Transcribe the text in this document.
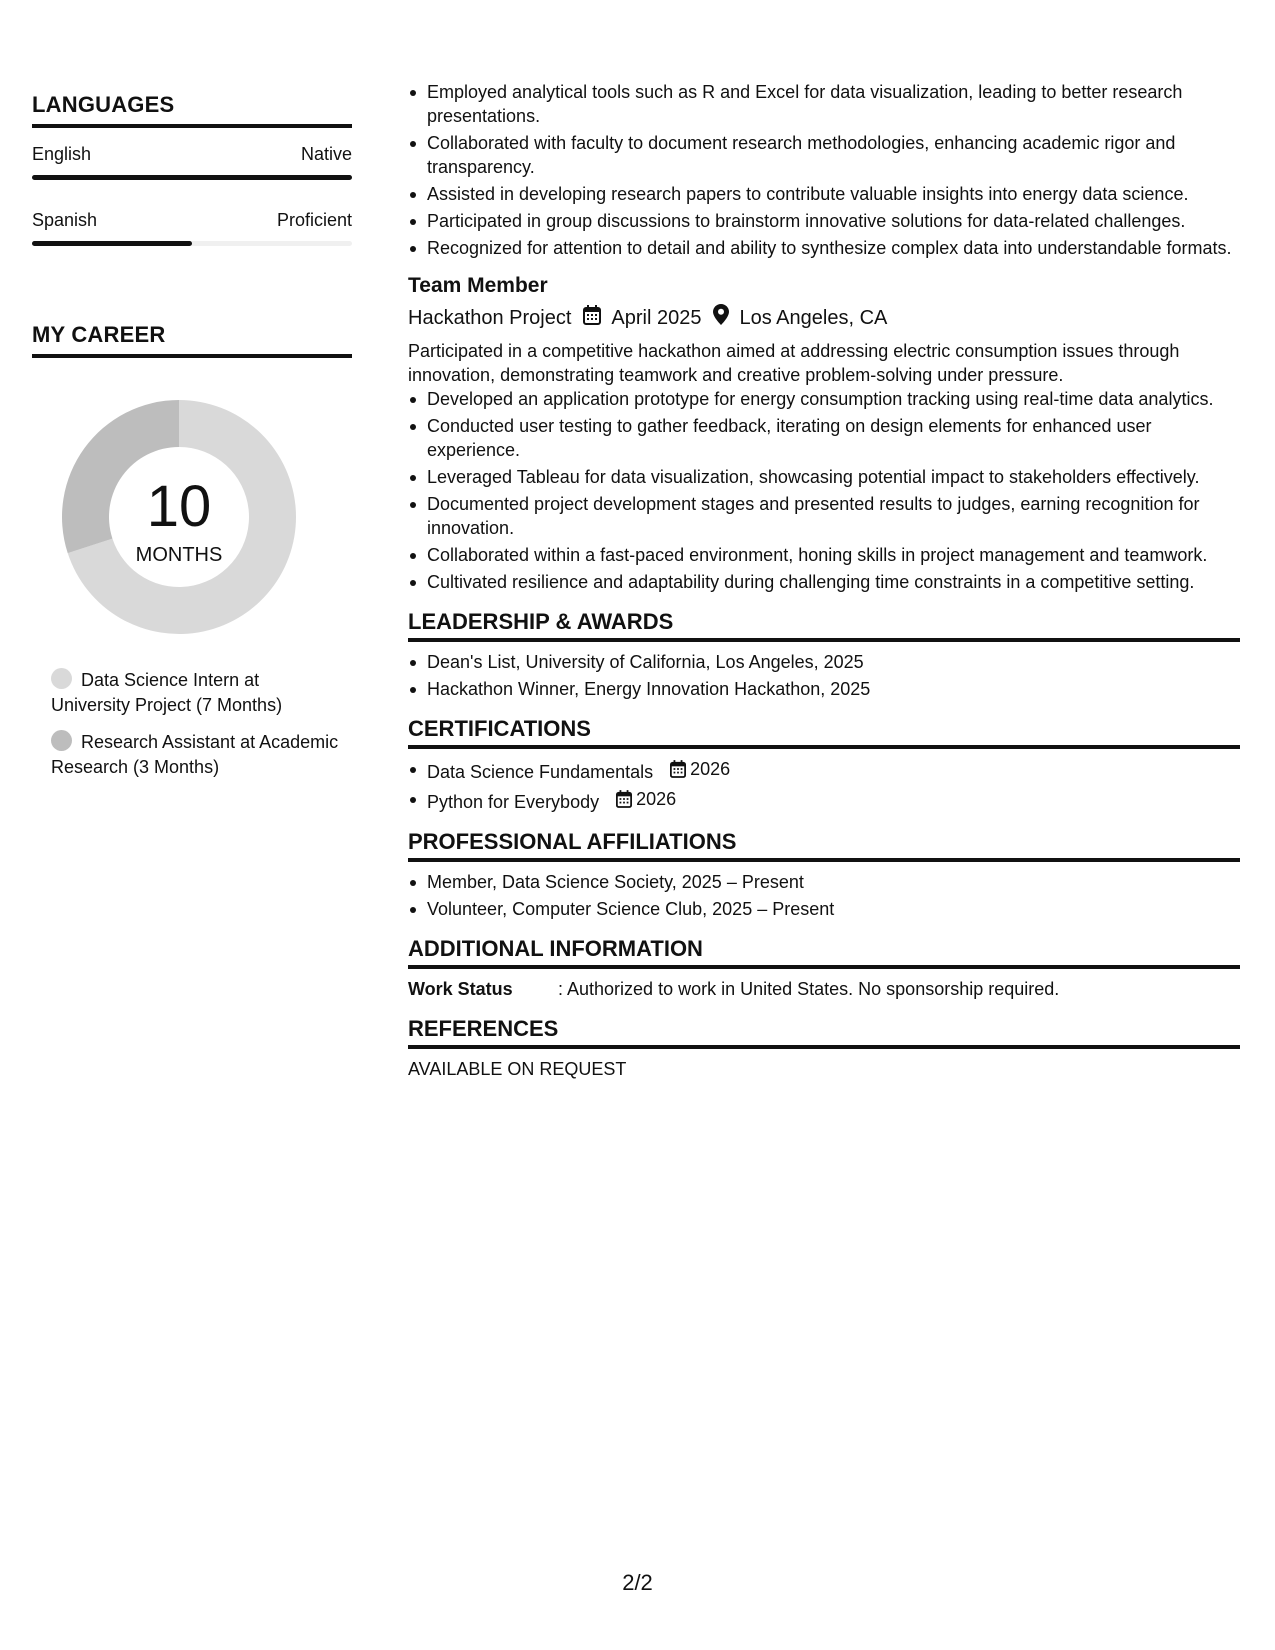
LANGUAGES
English	Native
Spanish	Proficient
MY CAREER
10
MONTHS
Data Science Intern at University Project (7 Months)
Research Assistant at Academic Research (3 Months)
Employed analytical tools such as R and Excel for data visualization, leading to better research presentations.
Collaborated with faculty to document research methodologies, enhancing academic rigor and transparency.
Assisted in developing research papers to contribute valuable insights into energy data science.
Participated in group discussions to brainstorm innovative solutions for data-related challenges.
Recognized for attention to detail and ability to synthesize complex data into understandable formats.
Team Member
Hackathon Project April 2025 Los Angeles, CA
Participated in a competitive hackathon aimed at addressing electric consumption issues through innovation, demonstrating teamwork and creative problem-solving under pressure.
Developed an application prototype for energy consumption tracking using real-time data analytics.
Conducted user testing to gather feedback, iterating on design elements for enhanced user experience.
Leveraged Tableau for data visualization, showcasing potential impact to stakeholders effectively.
Documented project development stages and presented results to judges, earning recognition for innovation.
Collaborated within a fast-paced environment, honing skills in project management and teamwork.
Cultivated resilience and adaptability during challenging time constraints in a competitive setting.
LEADERSHIP & AWARDS
Dean's List, University of California, Los Angeles, 2025
Hackathon Winner, Energy Innovation Hackathon, 2025
CERTIFICATIONS
Data Science Fundamentals 2026
Python for Everybody 2026
PROFESSIONAL AFFILIATIONS
Member, Data Science Society, 2025 – Present
Volunteer, Computer Science Club, 2025 – Present
ADDITIONAL INFORMATION
Work Status	: Authorized to work in United States. No sponsorship required.
REFERENCES
AVAILABLE ON REQUEST
2/2
